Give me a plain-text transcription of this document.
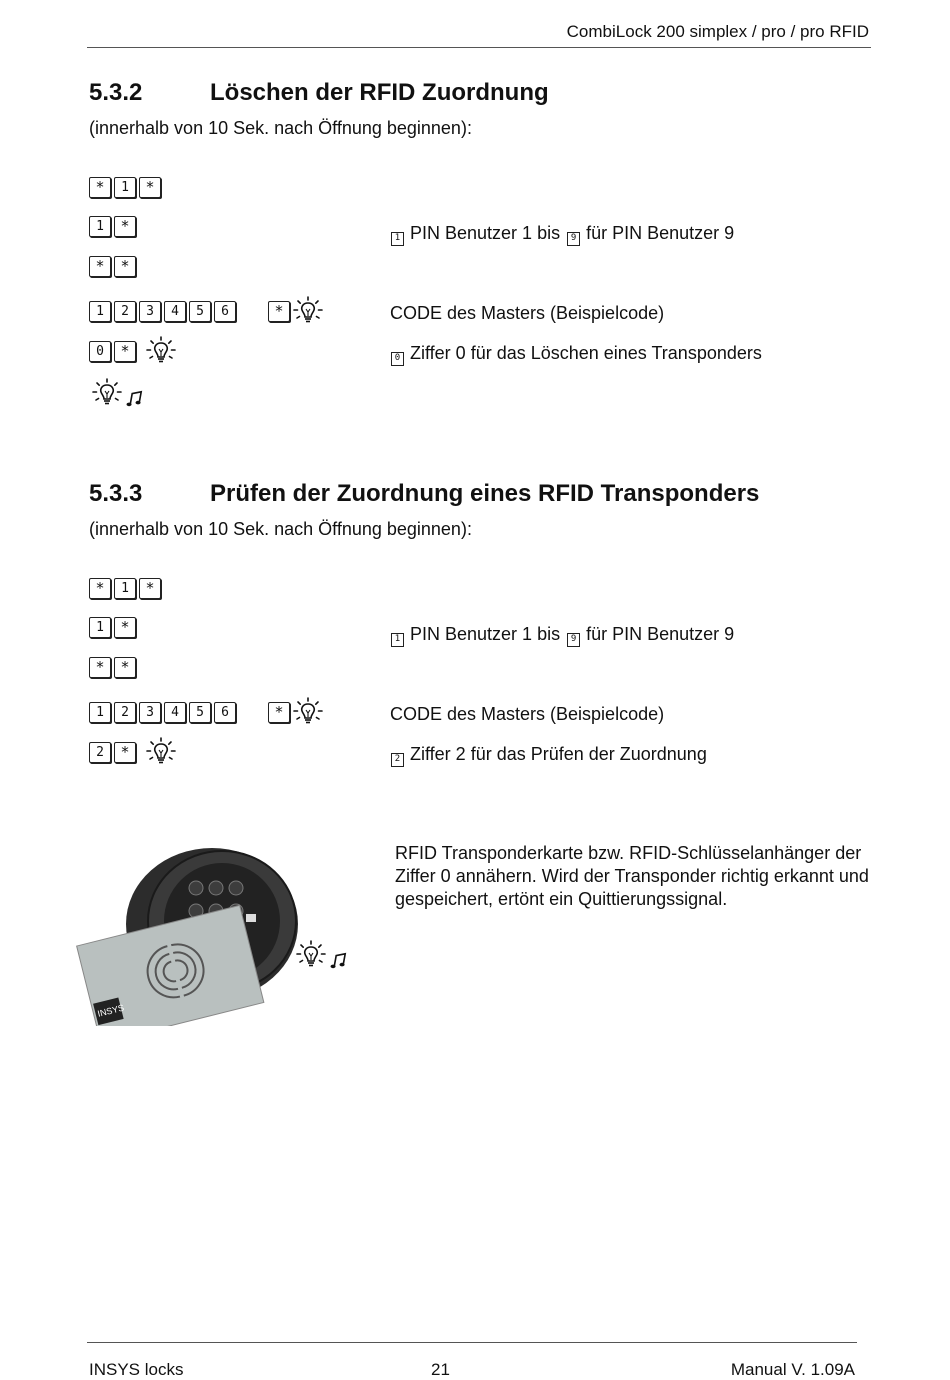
CombiLock 200 simplex / pro / pro RFID
5.3.2	Löschen der RFID Zuordnung
(innerhalb von 10 Sek. nach Öffnung beginnen):
*	1	*
1	*
1 PIN Benutzer 1 bis 9 für PIN Benutzer 9
*	*
1	2	3	4	5	6	*	CODE des Masters (Beispielcode)
0	*	0 Ziffer 0 für das Löschen eines Transponders
5.3.3	Prüfen der Zuordnung eines RFID Transponders
(innerhalb von 10 Sek. nach Öffnung beginnen):
*	1	*
1	*
1 PIN Benutzer 1 bis 9 für PIN Benutzer 9
*	*
1	2	3	4	5	6	*	CODE des Masters (Beispielcode)
2	*	2 Ziffer 2 für das Prüfen der Zuordnung
INSYS
RFID Transponderkarte bzw. RFID-Schlüsselanhänger der Ziffer 0 annähern. Wird der Transponder richtig erkannt und gespeichert, ertönt ein Quittierungssignal.
INSYS locks	21	Manual V. 1.09A
